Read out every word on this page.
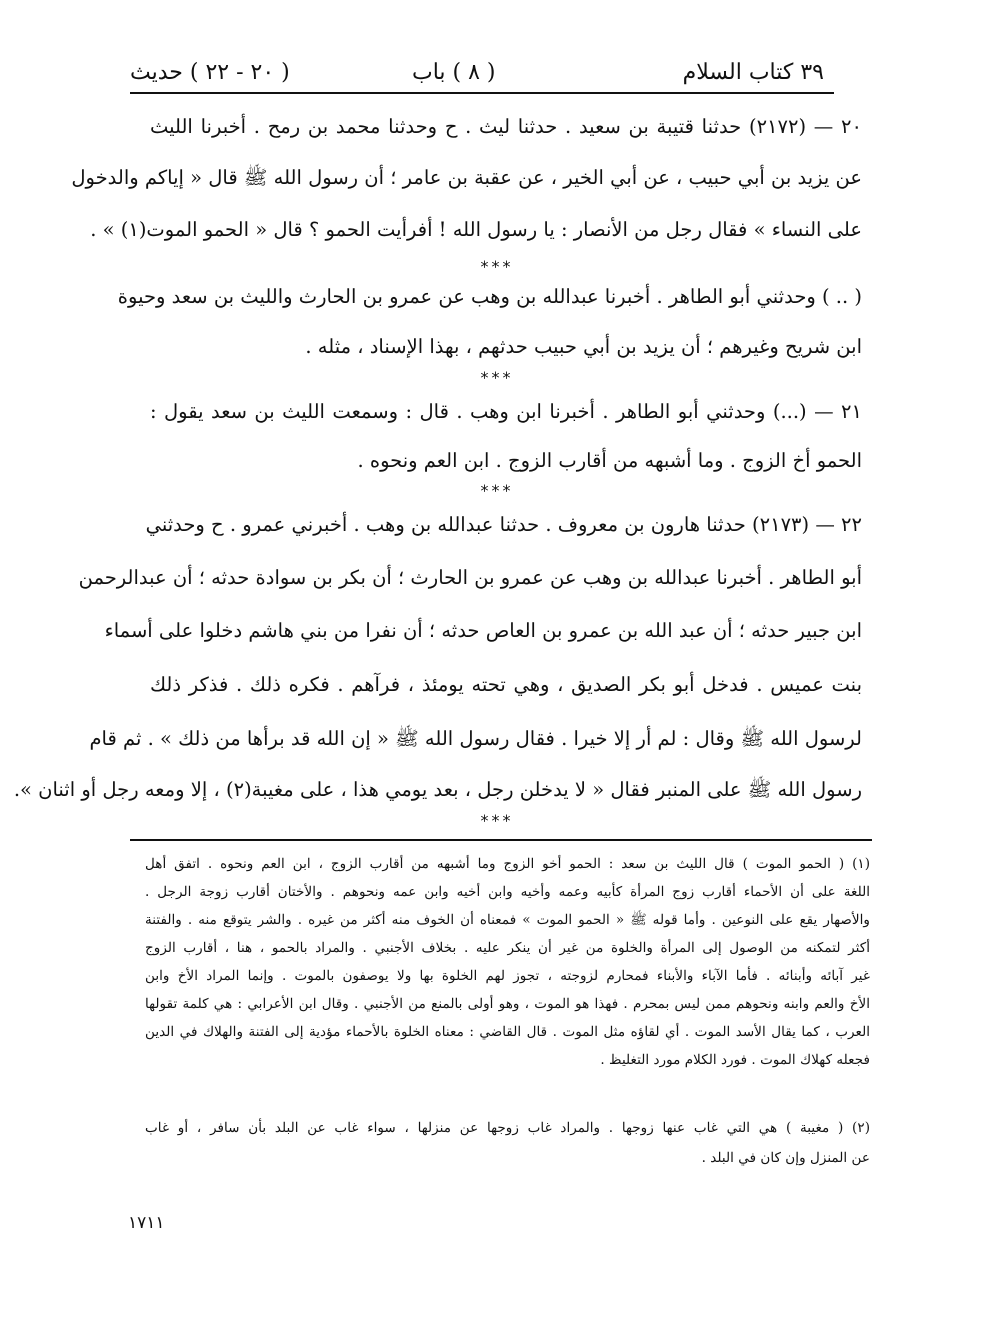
٣٩ كتاب السلام
( ٨ ) باب
( ٢٠ - ٢٢ ) حديث
٢٠ — (٢١٧٢) حدثنا قتيبة بن سعيد . حدثنا ليث . ح وحدثنا محمد بن رمح . أخبرنا الليث
عن يزيد بن أبي حبيب ، عن أبي الخير ، عن عقبة بن عامر ؛ أن رسول الله ﷺ قال « إياكم والدخول
على النساء » فقال رجل من الأنصار : يا رسول الله ! أفرأيت الحمو ؟ قال « الحمو الموت(١) » .
***
( .. ) وحدثني أبو الطاهر . أخبرنا عبدالله بن وهب عن عمرو بن الحارث والليث بن سعد وحيوة
ابن شريح وغيرهم ؛ أن يزيد بن أبي حبيب حدثهم ، بهذا الإسناد ، مثله .
***
٢١ — (...) وحدثني أبو الطاهر . أخبرنا ابن وهب . قال : وسمعت الليث بن سعد يقول :
الحمو أخ الزوج . وما أشبهه من أقارب الزوج . ابن العم ونحوه .
***
٢٢ — (٢١٧٣) حدثنا هارون بن معروف . حدثنا عبدالله بن وهب . أخبرني عمرو . ح وحدثني
أبو الطاهر . أخبرنا عبدالله بن وهب عن عمرو بن الحارث ؛ أن بكر بن سوادة حدثه ؛ أن عبدالرحمن
ابن جبير حدثه ؛ أن عبد الله بن عمرو بن العاص حدثه ؛ أن نفرا من بني هاشم دخلوا على أسماء
بنت عميس . فدخل أبو بكر الصديق ، وهي تحته يومئذ ، فرآهم . فكره ذلك . فذكر ذلك
لرسول الله ﷺ وقال : لم أر إلا خيرا . فقال رسول الله ﷺ « إن الله قد برأها من ذلك » . ثم قام
رسول الله ﷺ على المنبر فقال « لا يدخلن رجل ، بعد يومي هذا ، على مغيبة(٢) ، إلا ومعه رجل أو اثنان ».
***
(١) ( الحمو الموت ) قال الليث بن سعد : الحمو أخو الزوج وما أشبهه من أقارب الزوج ، ابن العم ونحوه . اتفق أهل
اللغة على أن الأحماء أقارب زوج المرأة كأبيه وعمه وأخيه وابن أخيه وابن عمه ونحوهم . والأختان أقارب زوجة الرجل .
والأصهار يقع على النوعين . وأما قوله ﷺ « الحمو الموت » فمعناه أن الخوف منه أكثر من غيره . والشر يتوقع منه . والفتنة
أكثر لتمكنه من الوصول إلى المرأة والخلوة من غير أن ينكر عليه . بخلاف الأجنبي . والمراد بالحمو ، هنا ، أقارب الزوج
غير آبائه وأبنائه . فأما الآباء والأبناء فمحارم لزوجته ، تجوز لهم الخلوة بها ولا يوصفون بالموت . وإنما المراد الأخ وابن
الأخ والعم وابنه ونحوهم ممن ليس بمحرم . فهذا هو الموت ، وهو أولى بالمنع من الأجنبي . وقال ابن الأعرابي : هي كلمة تقولها
العرب ، كما يقال الأسد الموت . أي لقاؤه مثل الموت . قال القاضي : معناه الخلوة بالأحماء مؤدية إلى الفتنة والهلاك في الدين
فجعله كهلاك الموت . فورد الكلام مورد التغليظ .
(٢) ( مغيبة ) هي التي غاب عنها زوجها . والمراد غاب زوجها عن منزلها ، سواء غاب عن البلد بأن سافر ، أو غاب
عن المنزل وإن كان في البلد .
١٧١١
